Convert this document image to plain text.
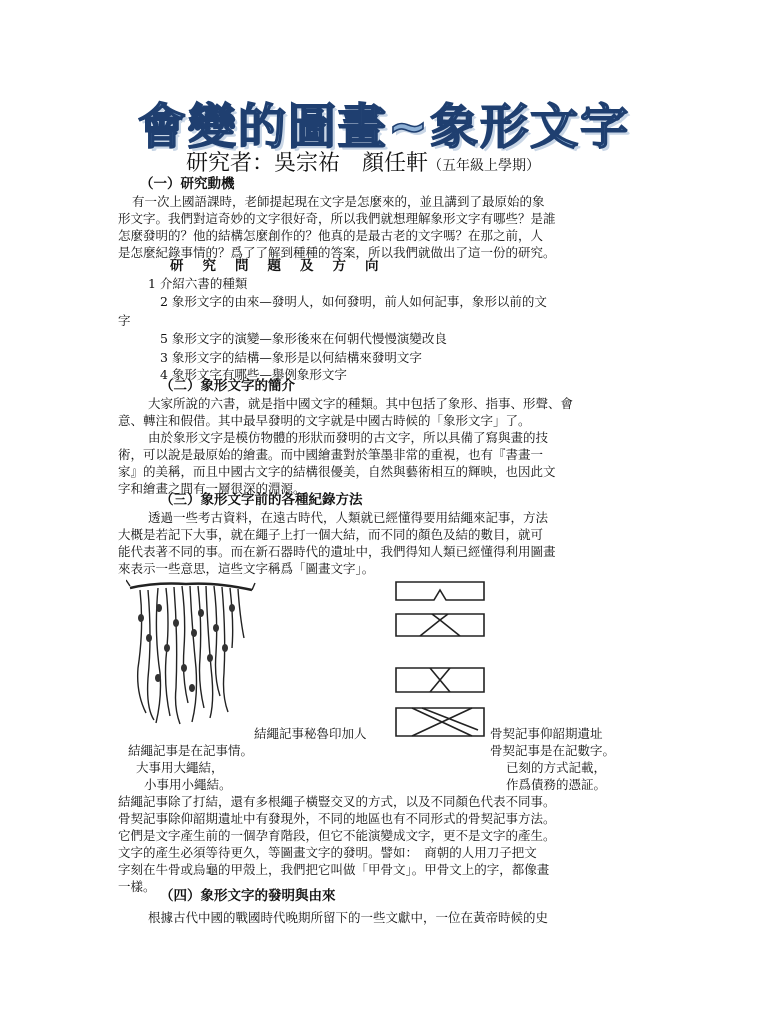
會變的圖畫~象形文字
研究者：吳宗祐　顏任軒（五年級上學期）
（一）研究動機
有一次上國語課時，老師提起現在文字是怎麼來的，並且講到了最原始的象
形文字。我們對這奇妙的文字很好奇，所以我們就想理解象形文字有哪些？是誰
怎麼發明的？他的結構怎麼創作的？他真的是最古老的文字嗎？在那之前，人
是怎麼紀錄事情的？爲了了解到種種的答案，所以我們就做出了這一份的研究。
研究問題及方向
1 介紹六書的種類
2 象形文字的由來—發明人，如何發明，前人如何記事，象形以前的文
字
5 象形文字的演變—象形後來在何朝代慢慢演變改良
3 象形文字的結構—象形是以何結構來發明文字
4 象形文字有哪些—舉例象形文字
（二）象形文字的簡介
大家所說的六書，就是指中國文字的種類。其中包括了象形、指事、形聲、會
意、轉注和假借。其中最早發明的文字就是中國古時候的「象形文字」了。
由於象形文字是模仿物體的形狀而發明的古文字，所以具備了寫與畫的技
術，可以說是最原始的繪畫。而中國繪畫對於筆墨非常的重視，也有『書畫一
家』的美稱，而且中國古文字的結構很優美，自然與藝術相互的輝映，也因此文
字和繪畫之間有一層很深的淵源。
（三）象形文字前的各種紀錄方法
透過一些考古資料，在遠古時代，人類就已經懂得要用結繩來記事，方法
大概是若記下大事，就在繩子上打一個大結，而不同的顏色及結的數目，就可
能代表著不同的事。而在新石器時代的遺址中，我們得知人類已經懂得利用圖畫
來表示一些意思，這些文字稱爲「圖畫文字」。
結繩記事秘魯印加人	骨契記事仰韶期遺址
結繩記事是在記事情。	骨契記事是在記數字。
大事用大繩結，	已刻的方式記載，
小事用小繩結。	作爲債務的憑証。
結繩記事除了打結，還有多根繩子橫豎交叉的方式，以及不同顏色代表不同事。
骨契記事除仰韶期遺址中有發現外，不同的地區也有不同形式的骨契記事方法。
它們是文字產生前的一個孕育階段，但它不能演變成文字，更不是文字的產生。
文字的產生必須等待更久，等圖畫文字的發明。譬如：　商朝的人用刀子把文
字刻在牛骨或烏龜的甲殼上，我們把它叫做「甲骨文」。甲骨文上的字，都像畫
一樣。
（四）象形文字的發明與由來
根據古代中國的戰國時代晚期所留下的一些文獻中，一位在黃帝時候的史
